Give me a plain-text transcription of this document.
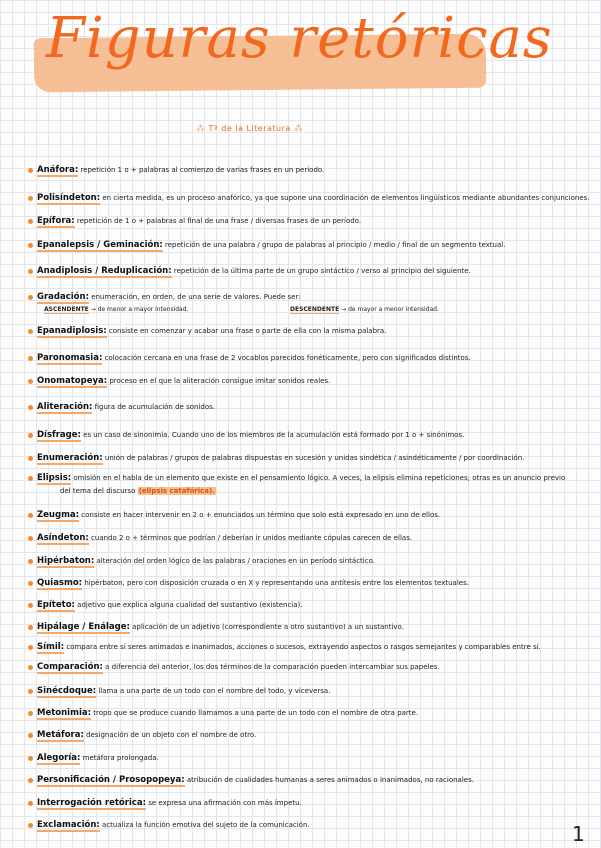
Figuras retóricas
⁂ Tª de la Literatura ⁂
Anáfora: repetición 1 o + palabras al comienzo de varias frases en un período.
Polisíndeton: en cierta medida, es un proceso anafórico, ya que supone una coordinación de elementos lingüísticos mediante abundantes conjunciones.
Epífora: repetición de 1 o + palabras al final de una frase / diversas frases de un período.
Epanalepsis / Geminación: repetición de una palabra / grupo de palabras al principio / medio / final de un segmento textual.
Anadiplosis / Reduplicación: repetición de la última parte de un grupo sintáctico / verso al principio del siguiente.
Gradación: enumeración, en orden, de una serie de valores. Puede ser:
Epanadiplosis: consiste en comenzar y acabar una frase o parte de ella con la misma palabra.
Paronomasia: colocación cercana en una frase de 2 vocablos parecidos fonéticamente, pero con significados distintos.
Onomatopeya: proceso en el que la aliteración consigue imitar sonidos reales.
Aliteración: figura de acumulación de sonidos.
Dísfrage: es un caso de sinonimia. Cuando uno de los miembros de la acumulación está formado por 1 o + sinónimos.
Enumeración: unión de palabras / grupos de palabras dispuestas en sucesión y unidas sindética / asindéticamente / por coordinación.
Elipsis: omisión en el habla de un elemento que existe en el pensamiento lógico. A veces, la elipsis elimina repeticiones; otras es un anuncio previo
Zeugma: consiste en hacer intervenir en 2 o + enunciados un término que solo está expresado en uno de ellos.
Asíndeton: cuando 2 o + términos que podrían / deberían ir unidos mediante cópulas carecen de ellas.
Hipérbaton: alteración del orden lógico de las palabras / oraciones en un período sintáctico.
Quiasmo: hipérbaton, pero con disposición cruzada o en X y representando una antítesis entre los elementos textuales.
Epíteto: adjetivo que explica alguna cualidad del sustantivo (existencia).
Hipálage / Enálage: aplicación de un adjetivo (correspondiente a otro sustantivo) a un sustantivo.
Símil: compara entre sí seres animados e inanimados, acciones o sucesos, extrayendo aspectos o rasgos semejantes y comparables entre sí.
Comparación: a diferencia del anterior, los dos términos de la comparación pueden intercambiar sus papeles.
Sinécdoque: llama a una parte de un todo con el nombre del todo, y viceversa.
Metonimia: tropo que se produce cuando llamamos a una parte de un todo con el nombre de otra parte.
Metáfora: designación de un objeto con el nombre de otro.
Alegoría: metáfora prolongada.
Personificación / Prosopopeya: atribución de cualidades humanas a seres animados o inanimados, no racionales.
Interrogación retórica: se expresa una afirmación con más ímpetu.
Exclamación: actualiza la función emotiva del sujeto de la comunicación.
ASCENDENTE → de menor a mayor intensidad.	DESCENDENTE → de mayor a menor intensidad.
del tema del discurso (elipsis catafórica).
1
